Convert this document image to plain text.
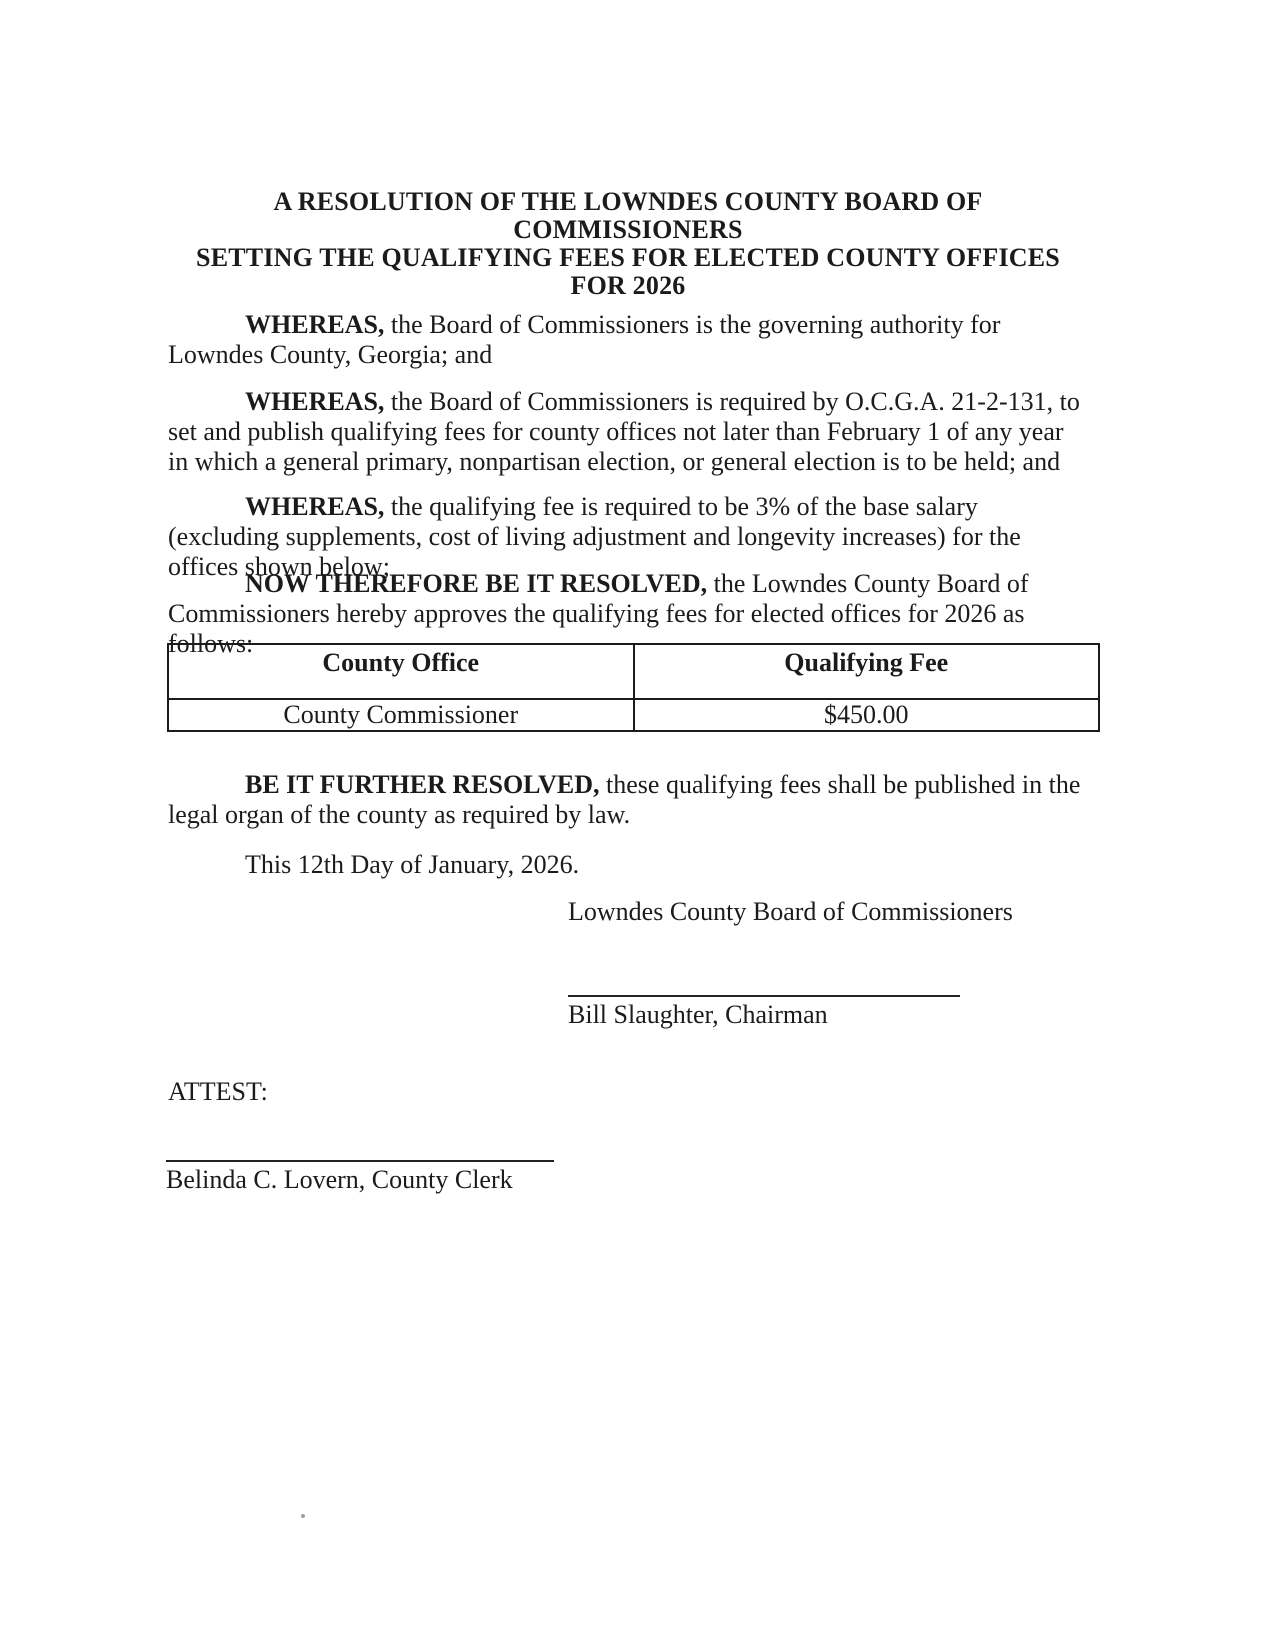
A RESOLUTION OF THE LOWNDES COUNTY BOARD OF COMMISSIONERS
SETTING THE QUALIFYING FEES FOR ELECTED COUNTY OFFICES FOR 2026

WHEREAS, the Board of Commissioners is the governing authority for Lowndes County, Georgia; and

WHEREAS, the Board of Commissioners is required by O.C.G.A. 21-2-131, to set and publish qualifying fees for county offices not later than February 1 of any year in which a general primary, nonpartisan election, or general election is to be held; and

WHEREAS, the qualifying fee is required to be 3% of the base salary (excluding supplements, cost of living adjustment and longevity increases) for the offices shown below;

NOW THEREFORE BE IT RESOLVED, the Lowndes County Board of Commissioners hereby approves the qualifying fees for elected offices for 2026 as follows:

County Office	Qualifying Fee
County Commissioner	$450.00

BE IT FURTHER RESOLVED, these qualifying fees shall be published in the legal organ of the county as required by law.

This 12th Day of January, 2026.

Lowndes County Board of Commissioners
Bill Slaughter, Chairman
ATTEST:
Belinda C. Lovern, County Clerk
